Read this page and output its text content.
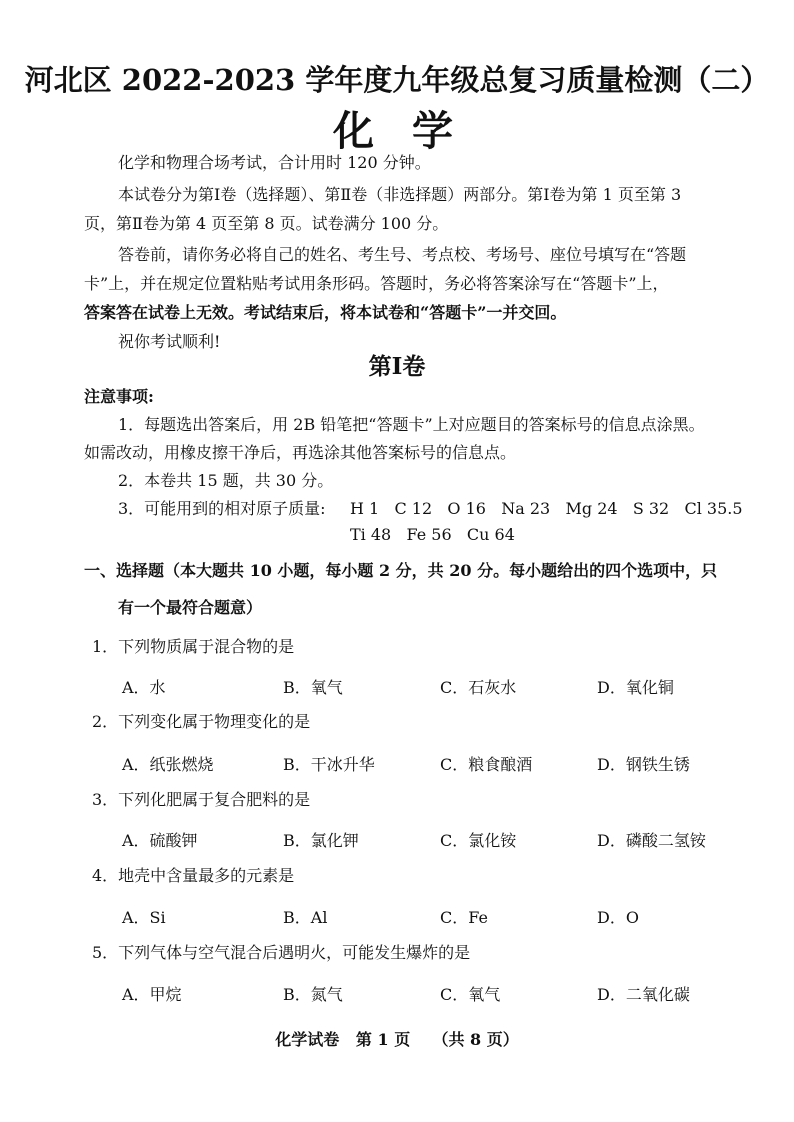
河北区 2022-2023 学年度九年级总复习质量检测（二）
化学
化学和物理合场考试，合计用时 120 分钟。
本试卷分为第Ⅰ卷（选择题）、第Ⅱ卷（非选择题）两部分。第Ⅰ卷为第 1 页至第 3
页，第Ⅱ卷为第 4 页至第 8 页。试卷满分 100 分。
答卷前，请你务必将自己的姓名、考生号、考点校、考场号、座位号填写在“答题
卡”上，并在规定位置粘贴考试用条形码。答题时，务必将答案涂写在“答题卡”上，
答案答在试卷上无效。考试结束后，将本试卷和“答题卡”一并交回。
祝你考试顺利!
第Ⅰ卷
注意事项:
1．每题选出答案后，用 2B 铅笔把“答题卡”上对应题目的答案标号的信息点涂黑。
如需改动，用橡皮擦干净后，再选涂其他答案标号的信息点。
2．本卷共 15 题，共 30 分。
3．可能用到的相对原子质量: H 1   C 12   O 16   Na 23   Mg 24   S 32   Cl 35.5
Ti 48   Fe 56   Cu 64
一、选择题（本大题共 10 小题，每小题 2 分，共 20 分。每小题给出的四个选项中，只
有一个最符合题意）
1．下列物质属于混合物的是
A．水	B．氧气	C．石灰水	D．氧化铜
2．下列变化属于物理变化的是
A．纸张燃烧	B．干冰升华	C．粮食酿酒	D．钢铁生锈
3．下列化肥属于复合肥料的是
A．硫酸钾	B．氯化钾	C．氯化铵	D．磷酸二氢铵
4．地壳中含量最多的元素是
A．Si	B．Al	C．Fe	D．O
5．下列气体与空气混合后遇明火，可能发生爆炸的是
A．甲烷	B．氮气	C．氧气	D．二氧化碳
化学试卷   第 1 页    （共 8 页）
